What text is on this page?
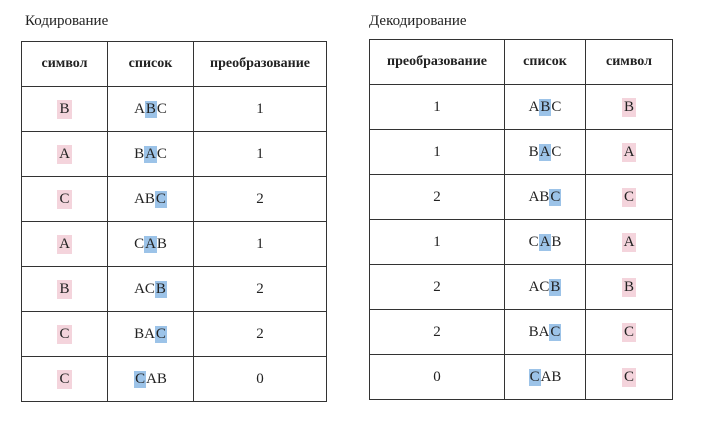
Кодирование
символ	список	преобразование
B	ABC	1
A	BAC	1
C	ABC	2
A	CAB	1
B	ACB	2
C	BAC	2
C	CAB	0
Декодирование
преобразование	список	символ
1	ABC	B
1	BAC	A
2	ABC	C
1	CAB	A
2	ACB	B
2	BAC	C
0	CAB	C
